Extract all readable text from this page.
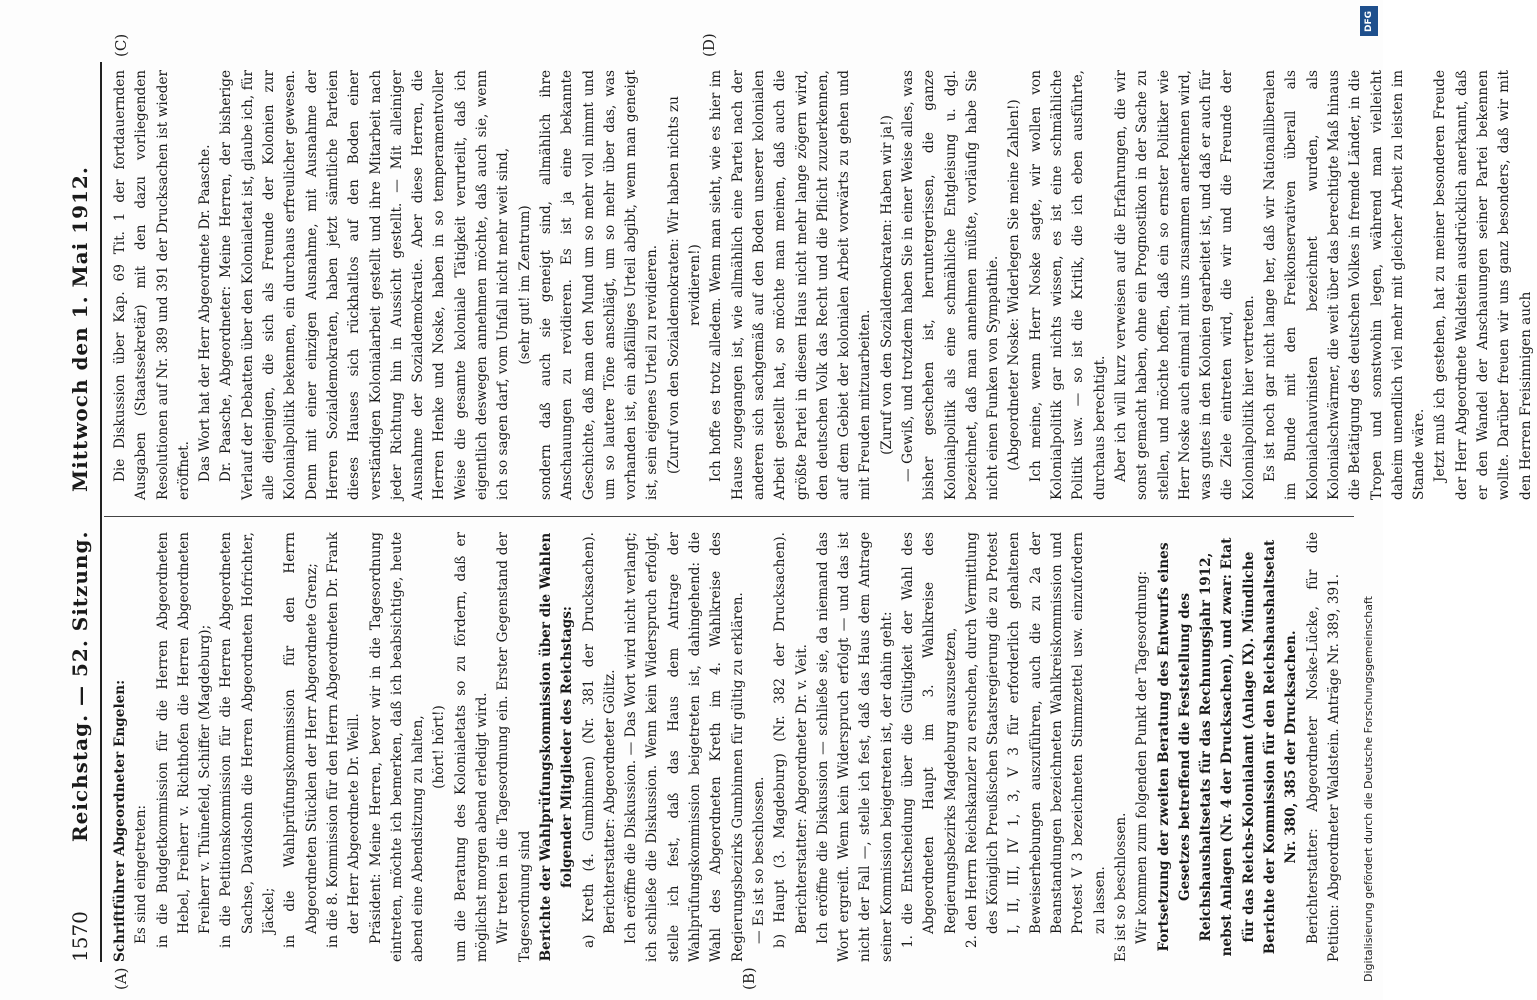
1570
Reichstag. — 52. Sitzung.
Mittwoch den 1. Mai 1912.
(A)	(B)
(C)	(D)

Schriftführer Abgeordneter Engelen: Es sind eingetreten: in die Budgetkommission für die Herren Abgeordneten Hebel, Freiherr v. Richthofen die Herren Abgeordneten Freiherr v. Thünefeld, Schiffer (Magdeburg); in die Petitionskommission für die Herren Abgeordneten Sachse, Davidsohn die Herren Abgeordneten Hofrichter, Jäckel; in die Wahlprüfungskommission für den Herrn Abgeordneten Stücklen der Herr Abgeordnete Grenz; in die 8. Kommission für den Herrn Abgeordneten Dr. Frank der Herr Abgeordnete Dr. Weill. Präsident: Meine Herren, bevor wir in die Tagesordnung eintreten, möchte ich bemerken, daß ich beabsichtige, heute abend eine Abendsitzung zu halten, (hört! hört!) um die Beratung des Kolonialetats so zu fördern, daß er möglichst morgen abend erledigt wird. Wir treten in die Tagesordnung ein. Erster Gegenstand der Tagesordnung sind Berichte der Wahlprüfungskommission über die Wahlen folgender Mitglieder des Reichstags: a) Kreth (4. Gumbinnen) (Nr. 381 der Drucksachen). Berichterstatter: Abgeordneter Gölitz. Ich eröffne die Diskussion. — Das Wort wird nicht verlangt; ich schließe die Diskussion. Wenn kein Widerspruch erfolgt, stelle ich fest, daß das Haus dem Antrage der Wahlprüfungskommission beigetreten ist, dahingehend: die Wahl des Abgeordneten Kreth im 4. Wahlkreise des Regierungsbezirks Gumbinnen für gültig zu erklären. — Es ist so beschlossen. b) Haupt (3. Magdeburg) (Nr. 382 der Drucksachen). Berichterstatter: Abgeordneter Dr. v. Veit. Ich eröffne die Diskussion — schließe sie, da niemand das Wort ergreift. Wenn kein Widerspruch erfolgt — und das ist nicht der Fall —, stelle ich fest, daß das Haus dem Antrage seiner Kommission beigetreten ist, der dahin geht: 1. die Entscheidung über die Gültigkeit der Wahl des Abgeordneten Haupt im 3. Wahlkreise des Regierungsbezirks Magdeburg auszusetzen, 2. den Herrn Reichskanzler zu ersuchen, durch Vermittlung des Königlich Preußischen Staatsregierung die zu Protest I, II, III, IV 1, 3, V 3 für erforderlich gehaltenen Beweiserhebungen auszuführen, auch die zu 2a der Beanstandungen bezeichneten Wahlkreiskommission und Protest V 3 bezeichneten Stimmzettel usw. einzufordern zu lassen. Es ist so beschlossen. Wir kommen zum folgenden Punkt der Tagesordnung: Fortsetzung der zweiten Beratung des Entwurfs eines Gesetzes betreffend die Feststellung des Reichshaushaltsetats für das Rechnungsjahr 1912, nebst Anlagen (Nr. 4 der Drucksachen), und zwar: Etat für das Reichs-Kolonialamt (Anlage IX). Mündliche Berichte der Kommission für den Reichshaushaltsetat Nr. 380, 385 der Drucksachen. Berichterstatter: Abgeordneter Noske-Lücke, für die Petition: Abgeordneter Waldstein. Anträge Nr. 389, 391.

Die Diskussion über Kap. 69 Tit. 1 der fortdauernden Ausgaben (Staatssekretär) mit den dazu vorliegenden Resolutionen auf Nr. 389 und 391 der Drucksachen ist wieder eröffnet. Das Wort hat der Herr Abgeordnete Dr. Paasche. Dr. Paasche, Abgeordneter: Meine Herren, der bisherige Verlauf der Debatten über den Kolonialetat ist, glaube ich, für alle diejenigen, die sich als Freunde der Kolonien zur Kolonialpolitik bekennen, ein durchaus erfreulicher gewesen. Denn mit einer einzigen Ausnahme, mit Ausnahme der Herren Sozialdemokraten, haben jetzt sämtliche Parteien dieses Hauses sich rückhaltlos auf den Boden einer verständigen Kolonialarbeit gestellt und ihre Mitarbeit nach jeder Richtung hin in Aussicht gestellt. — Mit alleiniger Ausnahme der Sozialdemokratie. Aber diese Herren, die Herren Henke und Noske, haben in so temperamentvoller Weise die gesamte koloniale Tätigkeit verurteilt, daß ich eigentlich deswegen annehmen möchte, daß auch sie, wenn ich so sagen darf, vom Unfall nicht mehr weit sind, (sehr gut! im Zentrum) sondern daß auch sie geneigt sind, allmählich ihre Anschauungen zu revidieren. Es ist ja eine bekannte Geschichte, daß man den Mund um so mehr voll nimmt und um so lautere Töne anschlägt, um so mehr über das, was vorhanden ist, ein abfälliges Urteil abgibt, wenn man geneigt ist, sein eigenes Urteil zu revidieren. (Zuruf von den Sozialdemokraten: Wir haben nichts zu revidieren!) Ich hoffe es trotz alledem. Wenn man sieht, wie es hier im Hause zugegangen ist, wie allmählich eine Partei nach der anderen sich sachgemäß auf den Boden unserer kolonialen Arbeit gestellt hat, so möchte man meinen, daß auch die größte Partei in diesem Haus nicht mehr lange zögern wird, den deutschen Volk das Recht und die Pflicht zuzuerkennen, auf dem Gebiet der kolonialen Arbeit vorwärts zu gehen und mit Freuden mitzuarbeiten. (Zuruf von den Sozialdemokraten: Haben wir ja!) — Gewiß, und trotzdem haben Sie in einer Weise alles, was bisher geschehen ist, heruntergerissen, die ganze Kolonialpolitik als eine schmähliche Entgleisung u. dgl. bezeichnet, daß man annehmen müßte, vorläufig habe Sie nicht einen Funken von Sympathie. (Abgeordneter Noske: Widerlegen Sie meine Zahlen!) Ich meine, wenn Herr Noske sagte, wir wollen von Kolonialpolitik gar nichts wissen, es ist eine schmähliche Politik usw. — so ist die Kritik, die ich eben ausführte, durchaus berechtigt. Aber ich will kurz verweisen auf die Erfahrungen, die wir sonst gemacht haben, ohne ein Prognostikon in der Sache zu stellen, und möchte hoffen, daß ein so ernster Politiker wie Herr Noske auch einmal mit uns zusammen anerkennen wird, was gutes in den Kolonien gearbeitet ist, und daß er auch für die Ziele eintreten wird, die wir und die Freunde der Kolonialpolitik hier vertreten. Es ist noch gar nicht lange her, daß wir Nationalliberalen im Bunde mit den Freikonservativen überall als Kolonialchauvinisten bezeichnet wurden, als Kolonialschwärmer, die weit über das berechtigte Maß hinaus die Betätigung des deutschen Volkes in fremde Länder, in die Tropen und sonstwohin legen, während man vielleicht daheim unendlich viel mehr mit gleicher Arbeit zu leisten im Stande wäre. Jetzt muß ich gestehen, hat zu meiner besonderen Freude der Herr Abgeordnete Waldstein ausdrücklich anerkannt, daß er den Wandel der Anschauungen seiner Partei bekennen wollte. Darüber freuen wir uns ganz besonders, daß wir mit den Herren Freisinnigen auch

DFG
Digitalisierung gefördert durch die Deutsche Forschungsgemeinschaft
